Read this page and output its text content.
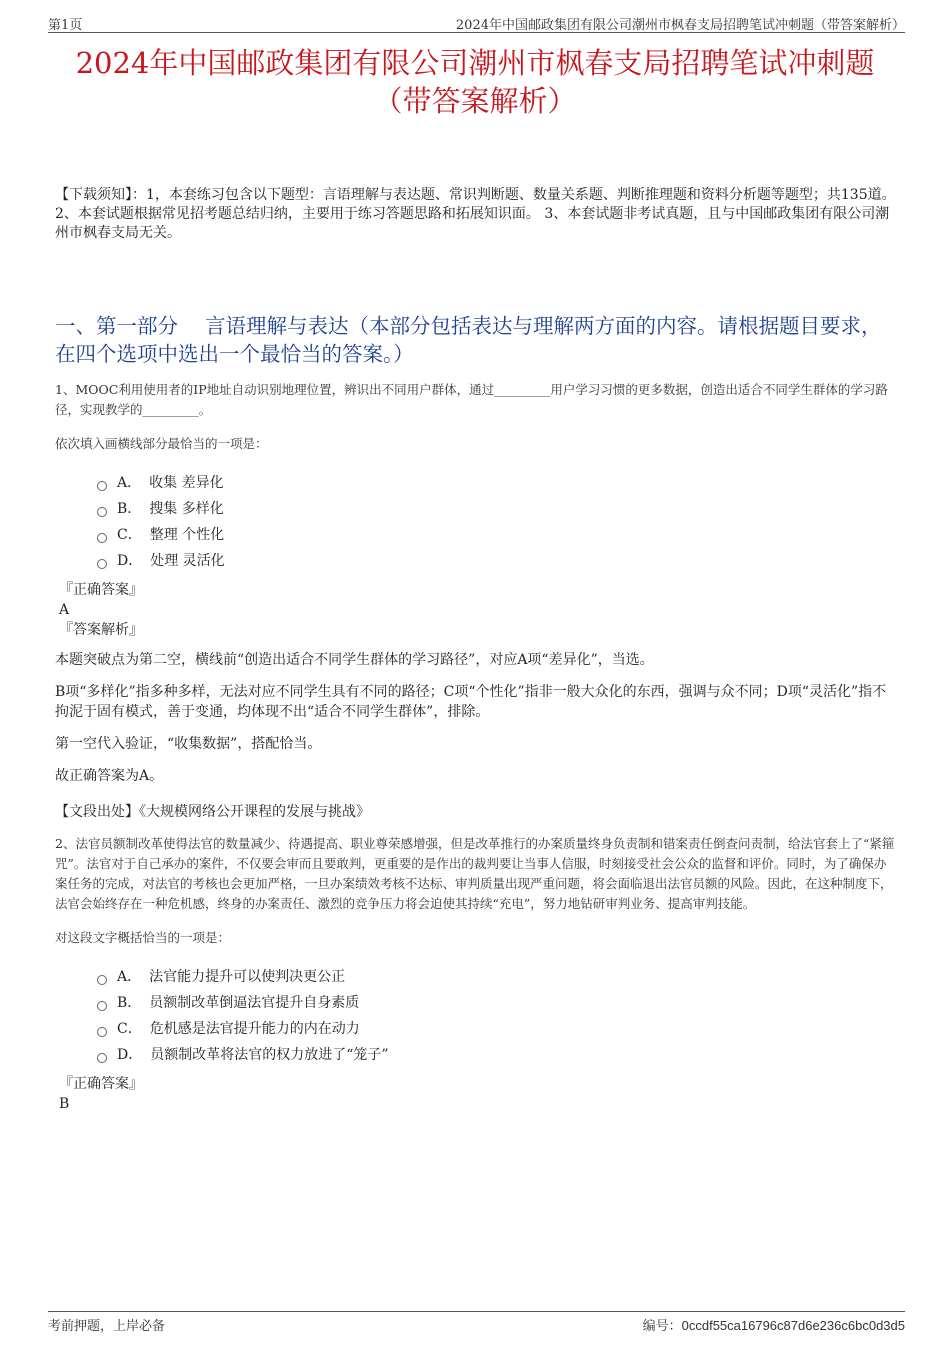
第1页	2024年中国邮政集团有限公司潮州市枫春支局招聘笔试冲刺题（带答案解析）
2024年中国邮政集团有限公司潮州市枫春支局招聘笔试冲刺题
（带答案解析）
【下载须知】：1，本套练习包含以下题型：言语理解与表达题、常识判断题、数量关系题、判断推理题和资料分析题等题型；共135道。 2、本套试题根据常见招考题总结归纳，主要用于练习答题思路和拓展知识面。 3、本套试题非考试真题，且与中国邮政集团有限公司潮州市枫春支局无关。
一、第一部分　 言语理解与表达（本部分包括表达与理解两方面的内容。请根据题目要求，在四个选项中选出一个最恰当的答案。）

1、MOOC利用使用者的IP地址自动识别地理位置，辨识出不同用户群体，通过_________用户学习习惯的更多数据，创造出适合不同学生群体的学习路径，实现教学的_________。

依次填入画横线部分最恰当的一项是：

A． 收集 差异化
B． 搜集 多样化
C． 整理 个性化
D． 处理 灵活化
『正确答案』
A
『答案解析』

本题突破点为第二空，横线前“创造出适合不同学生群体的学习路径”，对应A项“差异化”，当选。

B项“多样化”指多种多样，无法对应不同学生具有不同的路径；C项“个性化”指非一般大众化的东西，强调与众不同；D项“灵活化”指不拘泥于固有模式，善于变通，均体现不出“适合不同学生群体”，排除。

第一空代入验证，“收集数据”，搭配恰当。

故正确答案为A。

【文段出处】《大规模网络公开课程的发展与挑战》

2、法官员额制改革使得法官的数量减少、待遇提高、职业尊荣感增强，但是改革推行的办案质量终身负责制和错案责任倒查问责制，给法官套上了“紧箍咒”。法官对于自己承办的案件，不仅要会审而且要敢判，更重要的是作出的裁判要让当事人信服，时刻接受社会公众的监督和评价。同时，为了确保办案任务的完成，对法官的考核也会更加严格，一旦办案绩效考核不达标、审判质量出现严重问题，将会面临退出法官员额的风险。因此，在这种制度下，法官会始终存在一种危机感，终身的办案责任、激烈的竞争压力将会迫使其持续“充电”，努力地钻研审判业务、提高审判技能。

对这段文字概括恰当的一项是：

A． 法官能力提升可以使判决更公正
B． 员额制改革倒逼法官提升自身素质
C． 危机感是法官提升能力的内在动力
D． 员额制改革将法官的权力放进了“笼子”
『正确答案』
B
考前押题，上岸必备	编号：0ccdf55ca16796c87d6e236c6bc0d3d5
